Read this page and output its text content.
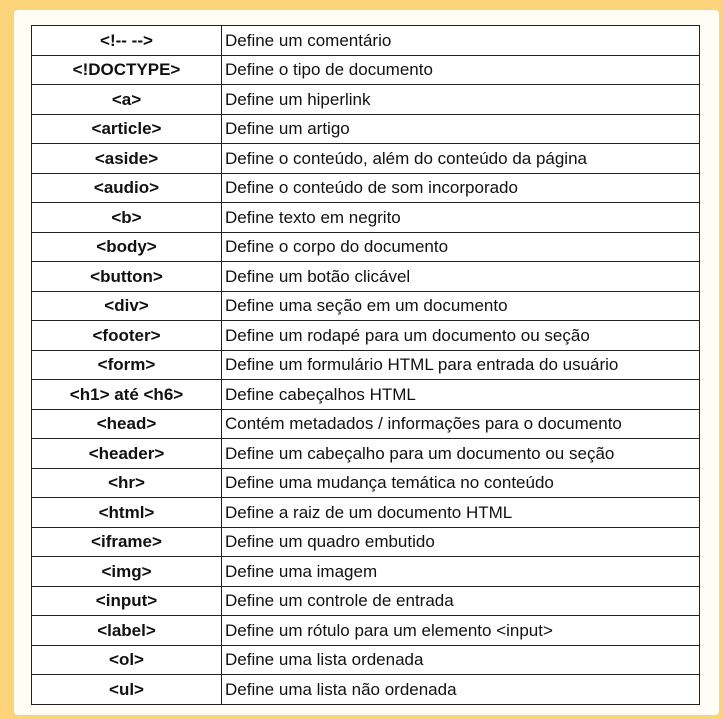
<!-- -->	Define um comentário
<!DOCTYPE>	Define o tipo de documento
<a>	Define um hiperlink
<article>	Define um artigo
<aside>	Define o conteúdo, além do conteúdo da página
<audio>	Define o conteúdo de som incorporado
<b>	Define texto em negrito
<body>	Define o corpo do documento
<button>	Define um botão clicável
<div>	Define uma seção em um documento
<footer>	Define um rodapé para um documento ou seção
<form>	Define um formulário HTML para entrada do usuário
<h1> até <h6>	Define cabeçalhos HTML
<head>	Contém metadados / informações para o documento
<header>	Define um cabeçalho para um documento ou seção
<hr>	Define uma mudança temática no conteúdo
<html>	Define a raiz de um documento HTML
<iframe>	Define um quadro embutido
<img>	Define uma imagem
<input>	Define um controle de entrada
<label>	Define um rótulo para um elemento <input>
<ol>	Define uma lista ordenada
<ul>	Define uma lista não ordenada
